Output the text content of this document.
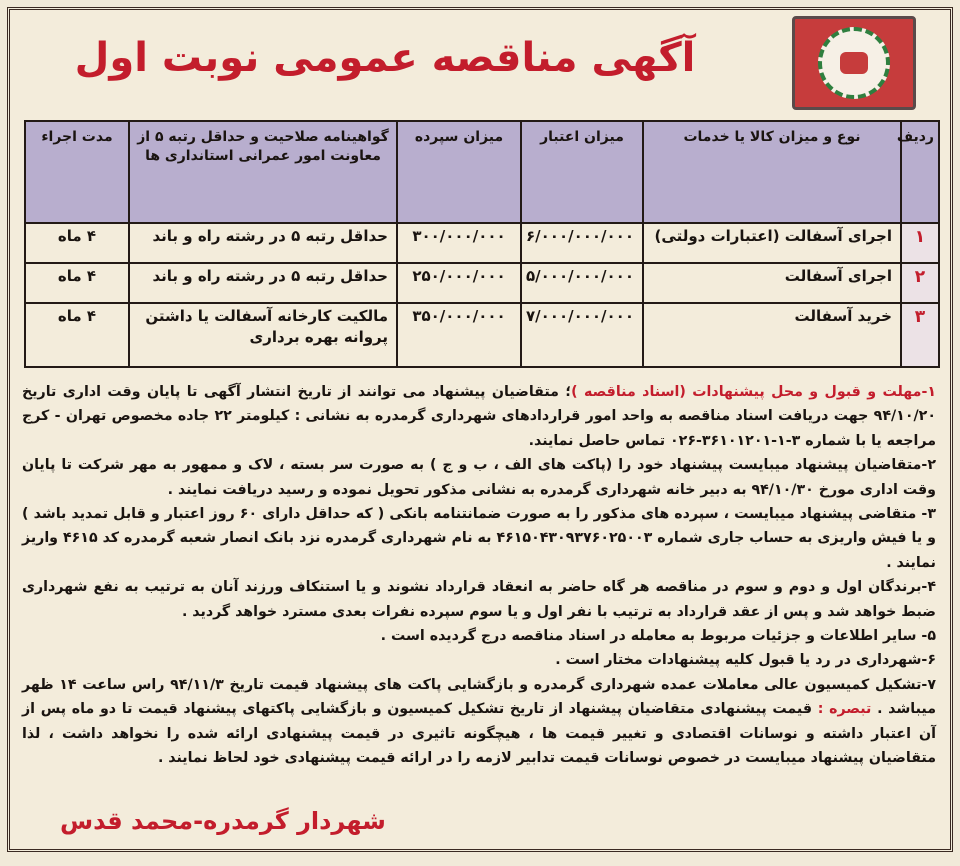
آگهی مناقصه عمومی نوبت اول
ردیف	نوع و میزان کالا یا خدمات	میزان اعتبار	میزان سپرده	گواهینامه صلاحیت و حداقل رتبه ۵ از معاونت امور عمرانی استانداری ها	مدت اجراء
۱	اجرای آسفالت (اعتبارات دولتی)	۶/۰۰۰/۰۰۰/۰۰۰	۳۰۰/۰۰۰/۰۰۰	حداقل رتبه ۵ در رشته راه و باند	۴ ماه
۲	اجرای آسفالت	۵/۰۰۰/۰۰۰/۰۰۰	۲۵۰/۰۰۰/۰۰۰	حداقل رتبه ۵ در رشته راه و باند	۴ ماه
۳	خرید آسفالت	۷/۰۰۰/۰۰۰/۰۰۰	۳۵۰/۰۰۰/۰۰۰	مالکیت کارخانه آسفالت یا داشتن پروانه بهره برداری	۴ ماه

۱-مهلت و قبول و محل پیشنهادات (اسناد مناقصه )؛ متقاضیان پیشنهاد می توانند از تاریخ انتشار آگهی تا پایان وقت اداری تاریخ ۹۴/۱۰/۲۰ جهت دریافت اسناد مناقصه به واحد امور قراردادهای شهرداری گرمدره به نشانی : کیلومتر ۲۲ جاده مخصوص تهران - کرج مراجعه یا با شماره ۳-۱-۳۶۱۰۱۲۰۱-۰۲۶ تماس حاصل نمایند.

۲-متقاضیان پیشنهاد میبایست پیشنهاد خود را (پاکت های الف ، ب و ج ) به صورت سر بسته ، لاک و ممهور به مهر شرکت تا پایان وقت اداری مورخ ۹۴/۱۰/۳۰ به دبیر خانه شهرداری گرمدره به نشانی مذکور تحویل نموده و رسید دریافت نمایند .

۳- متقاضی پیشنهاد میبایست ، سپرده های مذکور را به صورت ضمانتنامه بانکی ( که حداقل دارای ۶۰ روز اعتبار و قابل تمدید باشد ) و یا فیش واریزی به حساب جاری شماره ۴۶۱۵۰۴۳۰۹۳۷۶۰۲۵۰۰۳ به نام شهرداری گرمدره نزد بانک انصار شعبه گرمدره کد ۴۶۱۵ واریز نمایند .

۴-برندگان اول و دوم و سوم در مناقصه هر گاه حاضر به انعقاد قرارداد نشوند و یا استنکاف ورزند آنان به ترتیب به نفع شهرداری ضبط خواهد شد و پس از عقد قرارداد به ترتیب با نفر اول و یا سوم سپرده نفرات بعدی مسترد خواهد گردید .

۵- سایر اطلاعات و جزئیات مربوط به معامله در اسناد مناقصه درج گردیده است .

۶-شهرداری در رد یا قبول کلیه پیشنهادات مختار است .

۷-تشکیل کمیسیون عالی معاملات عمده شهرداری گرمدره و بازگشایی پاکت های پیشنهاد قیمت تاریخ ۹۴/۱۱/۳ راس ساعت ۱۴ ظهر میباشد . تبصره : قیمت پیشنهادی متقاضیان پیشنهاد از تاریخ تشکیل کمیسیون و بازگشایی پاکتهای پیشنهاد قیمت تا دو ماه پس از آن اعتبار داشته و نوسانات اقتصادی و تغییر قیمت ها ، هیچگونه تاثیری در قیمت پیشنهادی ارائه شده را نخواهد داشت ، لذا متقاضیان پیشنهاد میبایست در خصوص نوسانات قیمت تدابیر لازمه را در ارائه قیمت پیشنهادی خود لحاظ نمایند .

شهردار گرمدره-محمد قدس
